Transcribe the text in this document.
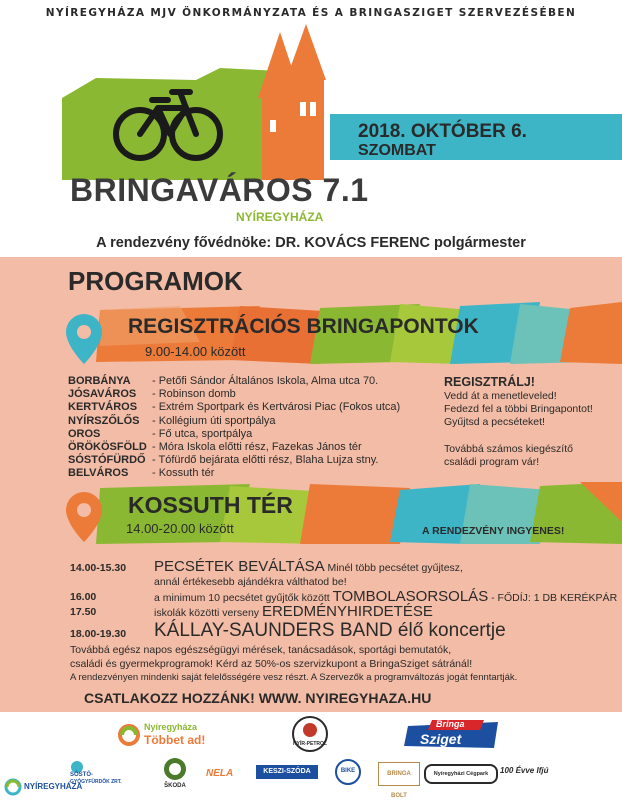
NYÍREGYHÁZA MJV ÖNKORMÁNYZATA ÉS A BRINGASZIGET SZERVEZÉSÉBEN
2018. OKTÓBER 6.
SZOMBAT
BRINGAVÁROS 7.1
NYÍREGYHÁZA
A rendezvény fővédnöke: DR. KOVÁCS FERENC polgármester
PROGRAMOK
REGISZTRÁCIÓS BRINGAPONTOK
9.00-14.00 között
BORBÁNYA	- Petőfi Sándor Általános Iskola, Alma utca 70.
JÓSAVÁROS	- Robinson domb
KERTVÁROS	- Extrém Sportpark és Kertvárosi Piac (Fokos utca)
NYÍRSZŐLŐS	- Kollégium úti sportpálya
OROS	- Fő utca, sportpálya
ÖRÖKÖSFÖLD - Móra Iskola előtti rész, Fazekas János tér
SÓSTÓFÜRDŐ - Tófürdő bejárata előtti rész, Blaha Lujza stny.
BELVÁROS	- Kossuth tér
REGISZTRÁLJ!
Vedd át a menetleveled!
Fedezd fel a többi Bringapontot!
Gyűjtsd a pecséteket!
Továbbá számos kiegészítő
családi program vár!
KOSSUTH TÉR
14.00-20.00 között	A RENDEZVÉNY INGYENES!
14.00-15.30 PECSÉTEK BEVÁLTÁSA Minél több pecsétet gyűjtesz,
annál értékesebb ajándékra válthatod be!
16.00	a minimum 10 pecsétet gyűjtők között TOMBOLASORSOLÁS - FŐDÍJ: 1 DB KERÉKPÁR
17.50	iskolák közötti verseny EREDMÉNYHIRDETÉSE
18.00-19.30 KÁLLAY-SAUNDERS BAND élő koncertje
Továbbá egész napos egészségügyi mérések, tanácsadások, sportági bemutatók,
családi és gyermekprogramok! Kérd az 50%-os szervizkupont a BringaSziget sátránál!
A rendezvényen mindenki saját felelősségére vesz részt. A Szervezők a programváltozás jogát fenntartják.
CSATLAKOZZ HOZZÁNK! WWW. NYIREGYHAZA.HU
Nyíregyháza
Többet ad!	NYÍR-PETROL
Bringa
Sziget
NYÍREGYHÁZA
SÓSTÓ-
GYÓGYFÜRDŐK ZRT.
ŠKODA
NELA	KESZI-SZÓDA	BIKE	BRINGA BOLT
Nyíregyházi Cégpark	100 Évve Ifjú
